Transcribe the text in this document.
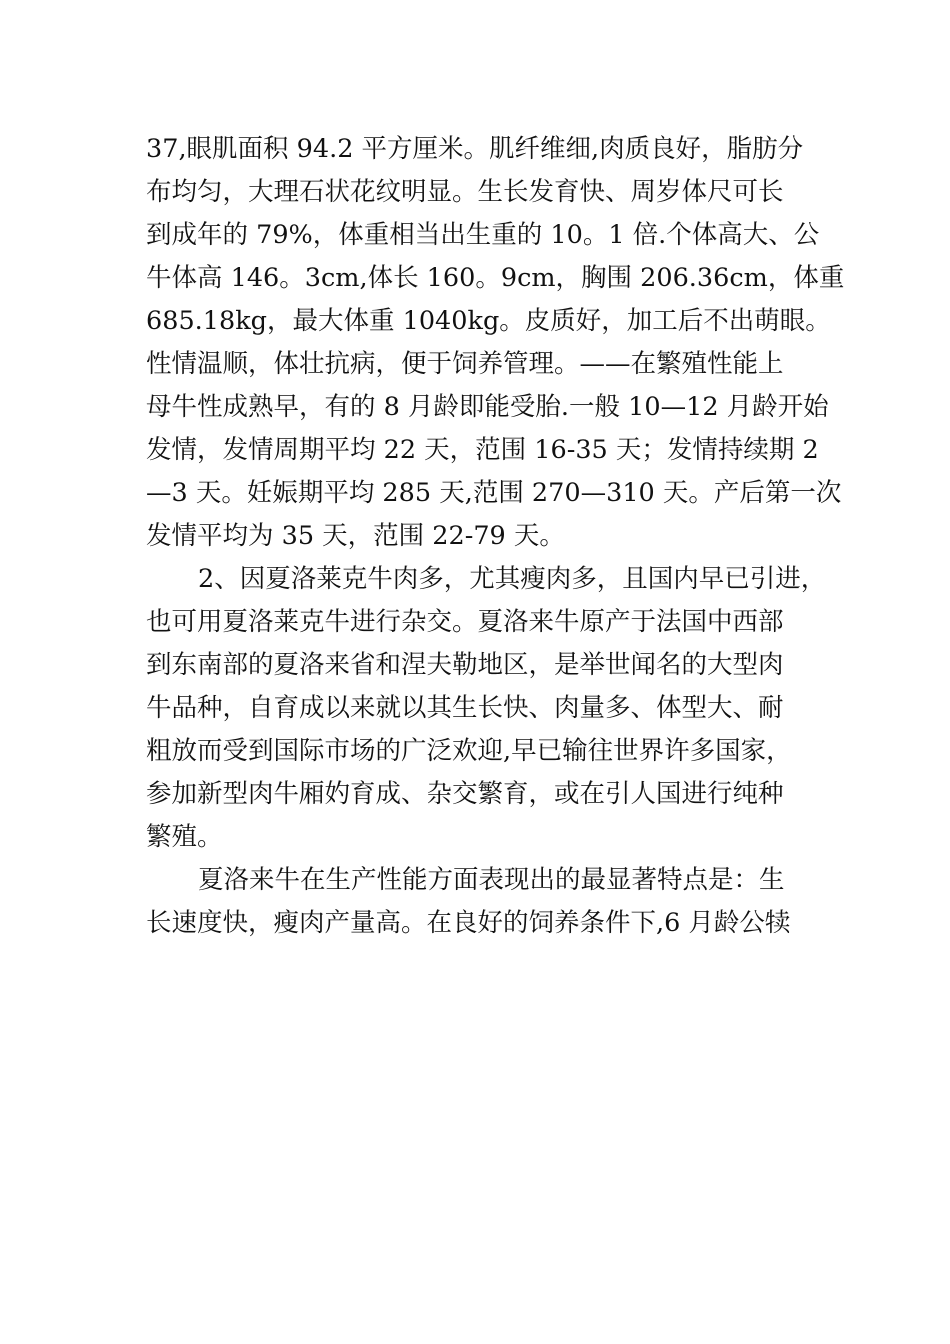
37,眼肌面积 94.2 平方厘米。肌纤维细,肉质良好，脂肪分
布均匀，大理石状花纹明显。生长发育快、周岁体尺可长
到成年的 79%，体重相当出生重的 10。1 倍.个体高大、公
牛体高 146。3cm,体长 160。9cm，胸围 206.36cm，体重
685.18kg，最大体重 1040kg。皮质好，加工后不出萌眼。
性情温顺，体壮抗病，便于饲养管理。——在繁殖性能上
母牛性成熟早，有的 8 月龄即能受胎.一般 10—12 月龄开始
发情，发情周期平均 22 天，范围 16-35 天；发情持续期 2
—3 天。妊娠期平均 285 天,范围 270—310 天。产后第一次
发情平均为 35 天，范围 22-79 天。
2、因夏洛莱克牛肉多，尤其瘦肉多，且国内早已引进，
也可用夏洛莱克牛进行杂交。夏洛来牛原产于法国中西部
到东南部的夏洛来省和涅夫勒地区，是举世闻名的大型肉
牛品种，自育成以来就以其生长快、肉量多、体型大、耐
粗放而受到国际市场的广泛欢迎,早已输往世界许多国家，
参加新型肉牛厢妁育成、杂交繁育，或在引人国进行纯种
繁殖。
夏洛来牛在生产性能方面表现出的最显著特点是：生
长速度快，瘦肉产量高。在良好的饲养条件下,6 月龄公犊
